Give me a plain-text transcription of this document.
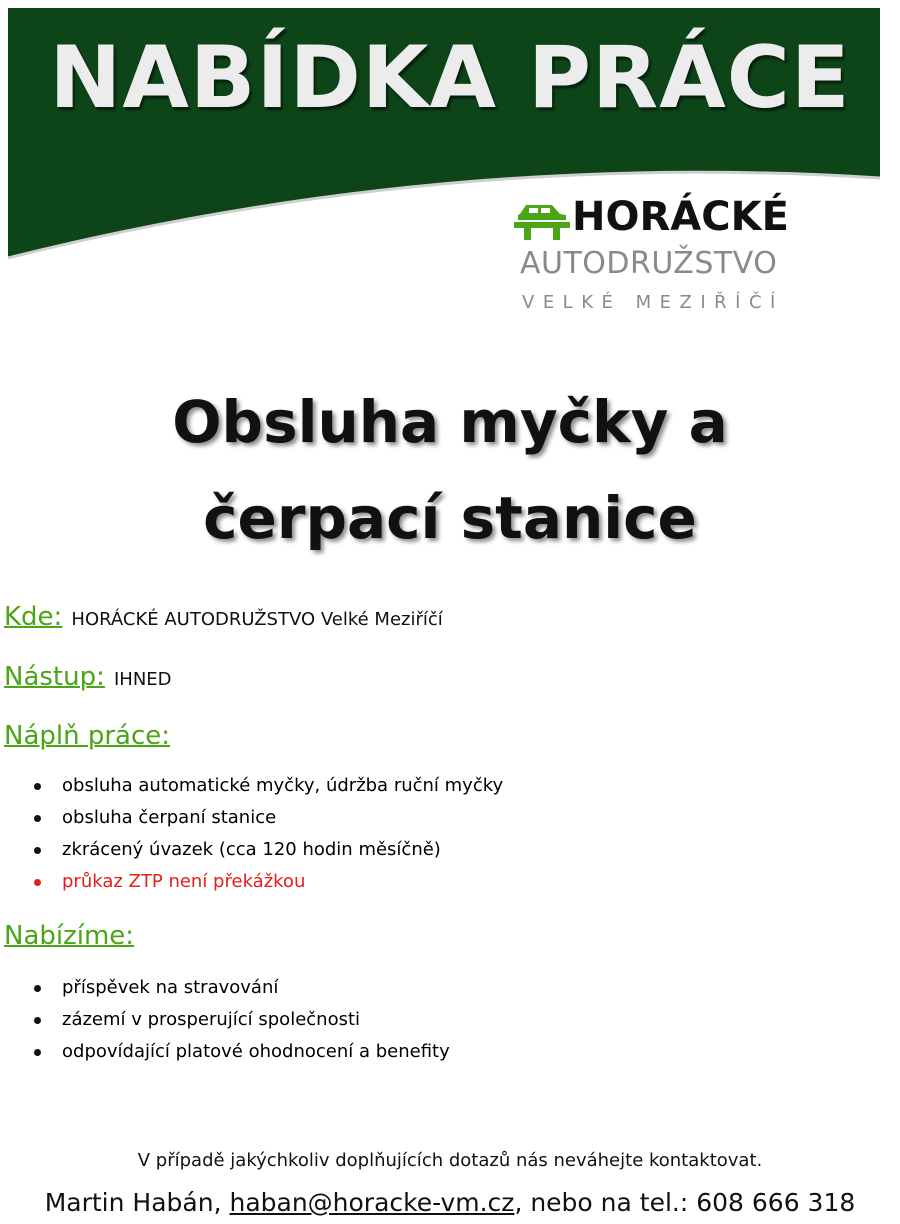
NABÍDKA PRÁCE
HORÁCKÉ
AUTODRUŽSTVO
VELKÉ MEZIŘÍČÍ
Obsluha myčky a
čerpací stanice
Kde: HORÁCKÉ AUTODRUŽSTVO Velké Meziříčí
Nástup: IHNED
Náplň práce:
obsluha automatické myčky, údržba ruční myčky
obsluha čerpaní stanice
zkrácený úvazek (cca 120 hodin měsíčně)
průkaz ZTP není překážkou
Nabízíme:
příspěvek na stravování
zázemí v prosperující společnosti
odpovídající platové ohodnocení a benefity
V případě jakýchkoliv doplňujících dotazů nás neváhejte kontaktovat.
Martin Habán, haban@horacke-vm.cz, nebo na tel.: 608 666 318
